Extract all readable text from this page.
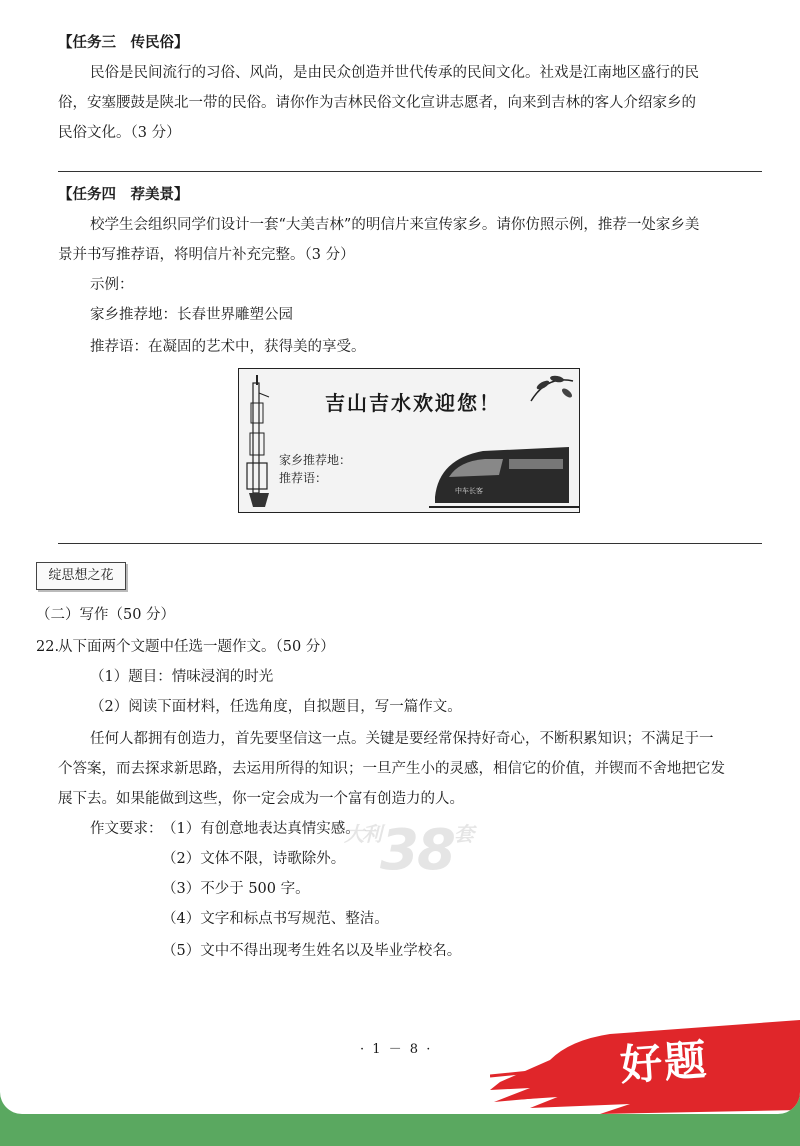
【任务三　传民俗】
民俗是民间流行的习俗、风尚，是由民众创造并世代传承的民间文化。社戏是江南地区盛行的民
俗，安塞腰鼓是陕北一带的民俗。请你作为吉林民俗文化宣讲志愿者，向来到吉林的客人介绍家乡的
民俗文化。（3 分）
【任务四　荐美景】
校学生会组织同学们设计一套“大美吉林”的明信片来宣传家乡。请你仿照示例，推荐一处家乡美
景并书写推荐语，将明信片补充完整。（3 分）
示例：
家乡推荐地：长春世界雕塑公园
推荐语：在凝固的艺术中，获得美的享受。
吉山吉水欢迎您！
家乡推荐地：
推荐语：
中车长客
绽思想之花
（二）写作（50 分）
22.
从下面两个文题中任选一题作文。（50 分）
（1）题目：情味浸润的时光
（2）阅读下面材料，任选角度，自拟题目，写一篇作文。
任何人都拥有创造力，首先要坚信这一点。关键是要经常保持好奇心，不断积累知识；不满足于一
个答案，而去探求新思路，去运用所得的知识；一旦产生小的灵感，相信它的价值，并锲而不舍地把它发
展下去。如果能做到这些，你一定会成为一个富有创造力的人。
作文要求： （1）有创意地表达真情实感。
（2）文体不限，诗歌除外。
（3）不少于 500 字。
（4）文字和标点书写规范、整洁。
（5）文中不得出现考生姓名以及毕业学校名。
$^{大利}38^套$
· 1 － 8 ·	好题
